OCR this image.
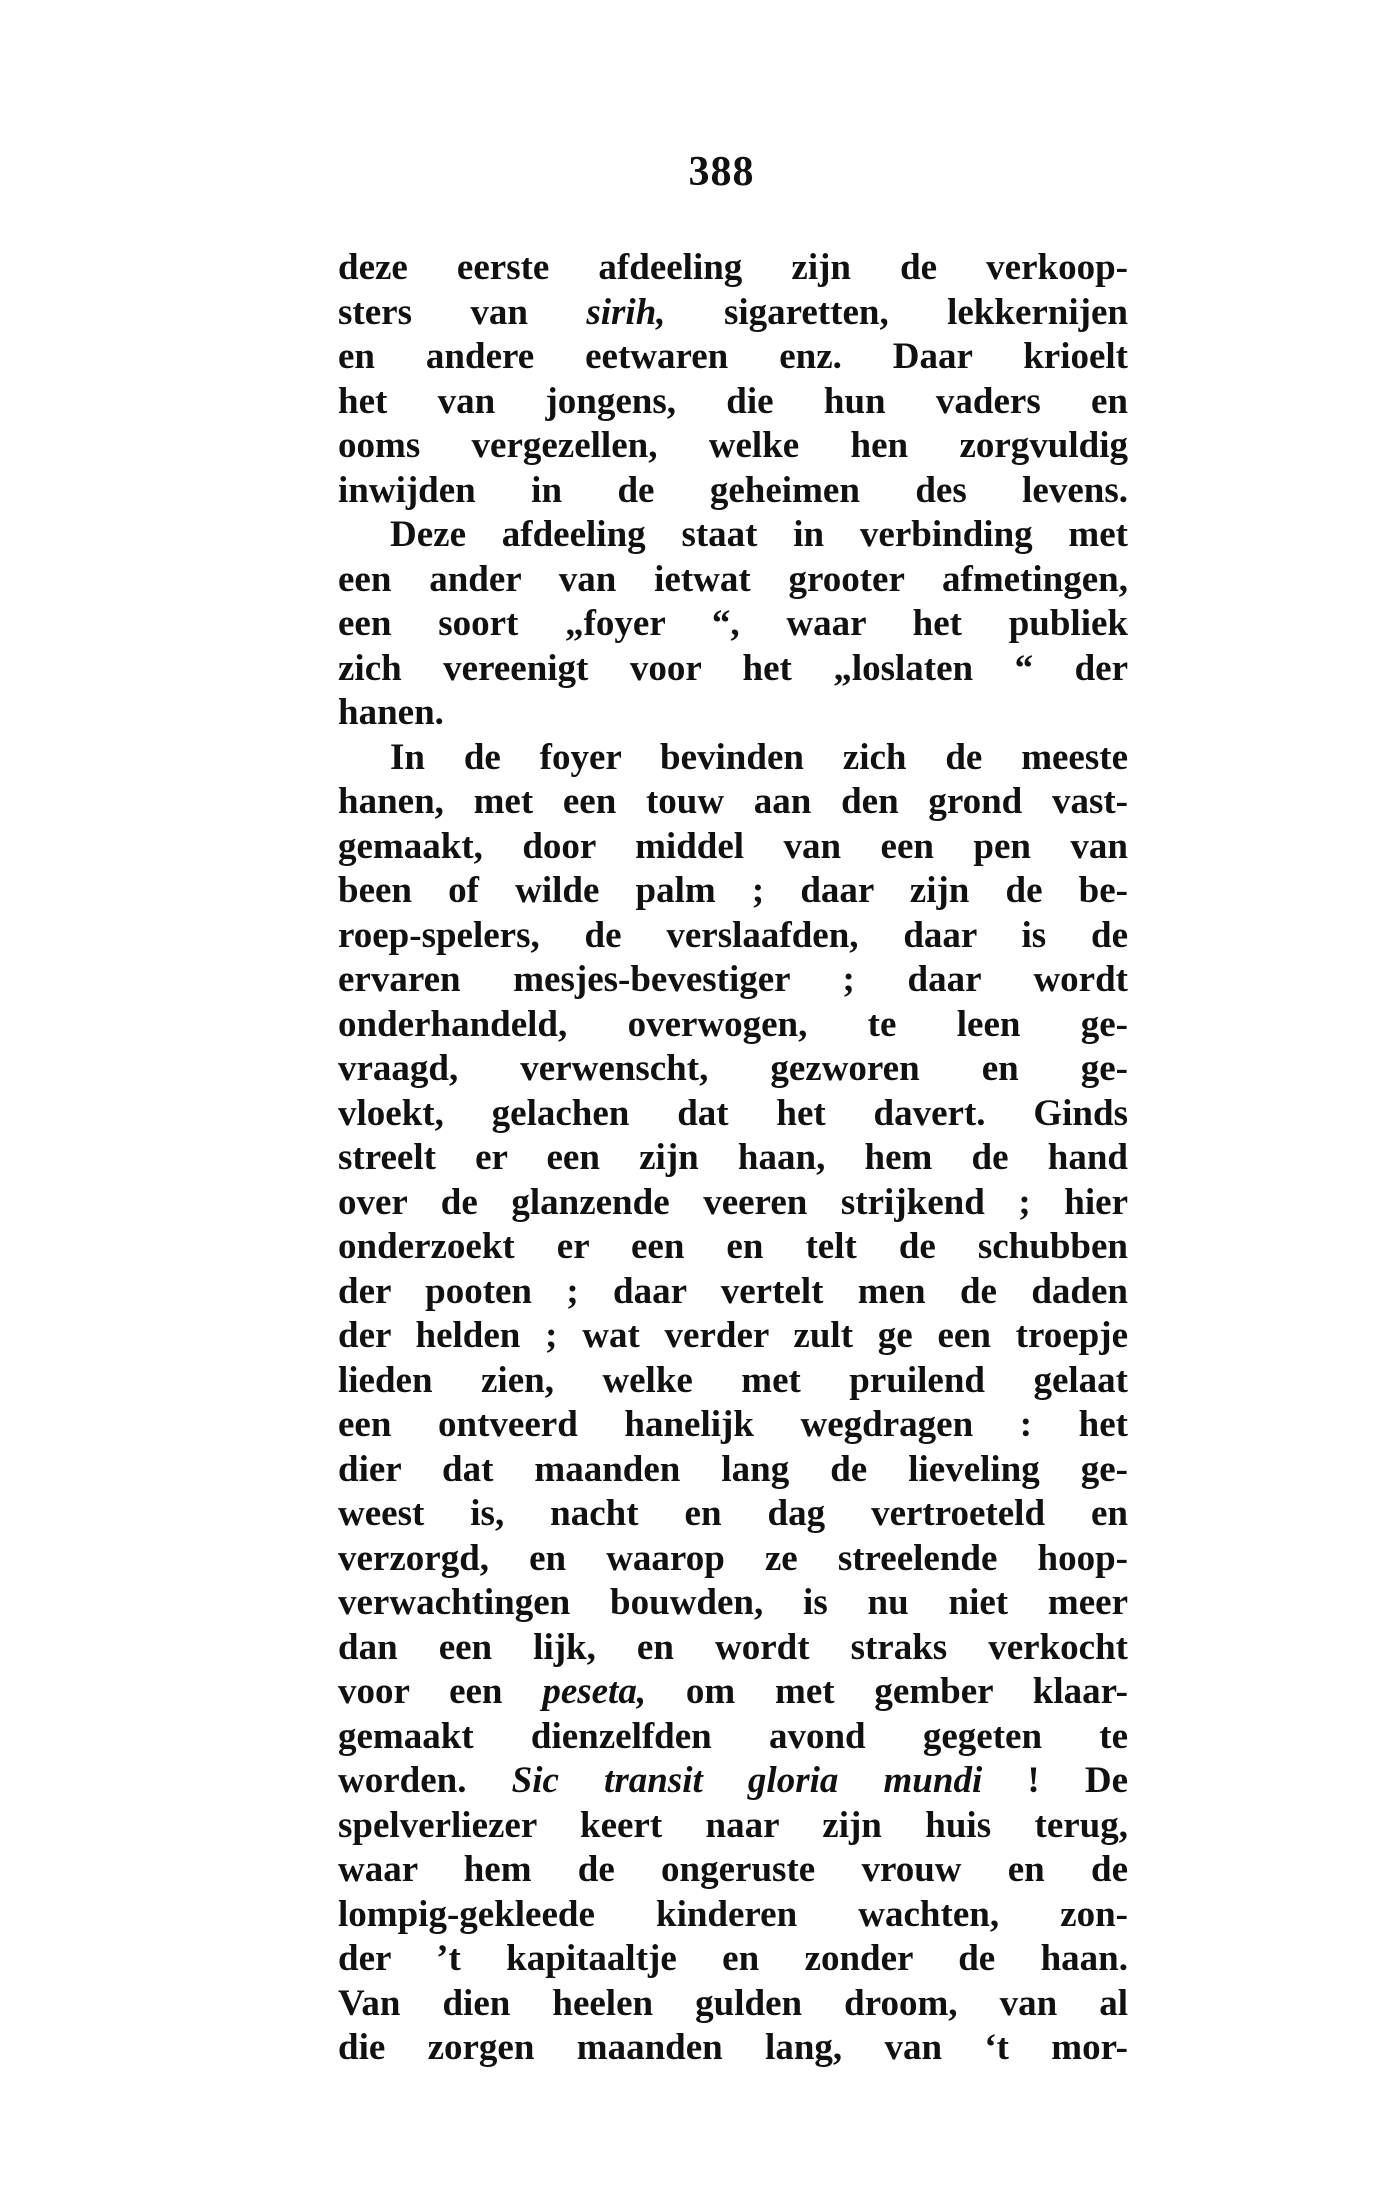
388
deze eerste afdeeling zijn de verkoop-
sters van sirih, sigaretten, lekkernijen
en andere eetwaren enz. Daar krioelt
het van jongens, die hun vaders en
ooms vergezellen, welke hen zorgvuldig
inwijden in de geheimen des levens.
Deze afdeeling staat in verbinding met
een ander van ietwat grooter afmetingen,
een soort „foyer “, waar het publiek
zich vereenigt voor het „loslaten “ der
hanen.
In de foyer bevinden zich de meeste
hanen, met een touw aan den grond vast-
gemaakt, door middel van een pen van
been of wilde palm ; daar zijn de be-
roep-spelers, de verslaafden, daar is de
ervaren mesjes-bevestiger ; daar wordt
onderhandeld, overwogen, te leen ge-
vraagd, verwenscht, gezworen en ge-
vloekt, gelachen dat het davert. Ginds
streelt er een zijn haan, hem de hand
over de glanzende veeren strijkend ; hier
onderzoekt er een en telt de schubben
der pooten ; daar vertelt men de daden
der helden ; wat verder zult ge een troepje
lieden zien, welke met pruilend gelaat
een ontveerd hanelijk wegdragen : het
dier dat maanden lang de lieveling ge-
weest is, nacht en dag vertroeteld en
verzorgd, en waarop ze streelende hoop-
verwachtingen bouwden, is nu niet meer
dan een lijk, en wordt straks verkocht
voor een peseta, om met gember klaar-
gemaakt dienzelfden avond gegeten te
worden. Sic transit gloria mundi ! De
spelverliezer keert naar zijn huis terug,
waar hem de ongeruste vrouw en de
lompig-gekleede kinderen wachten, zon-
der ’t kapitaaltje en zonder de haan.
Van dien heelen gulden droom, van al
die zorgen maanden lang, van ‘t mor-
